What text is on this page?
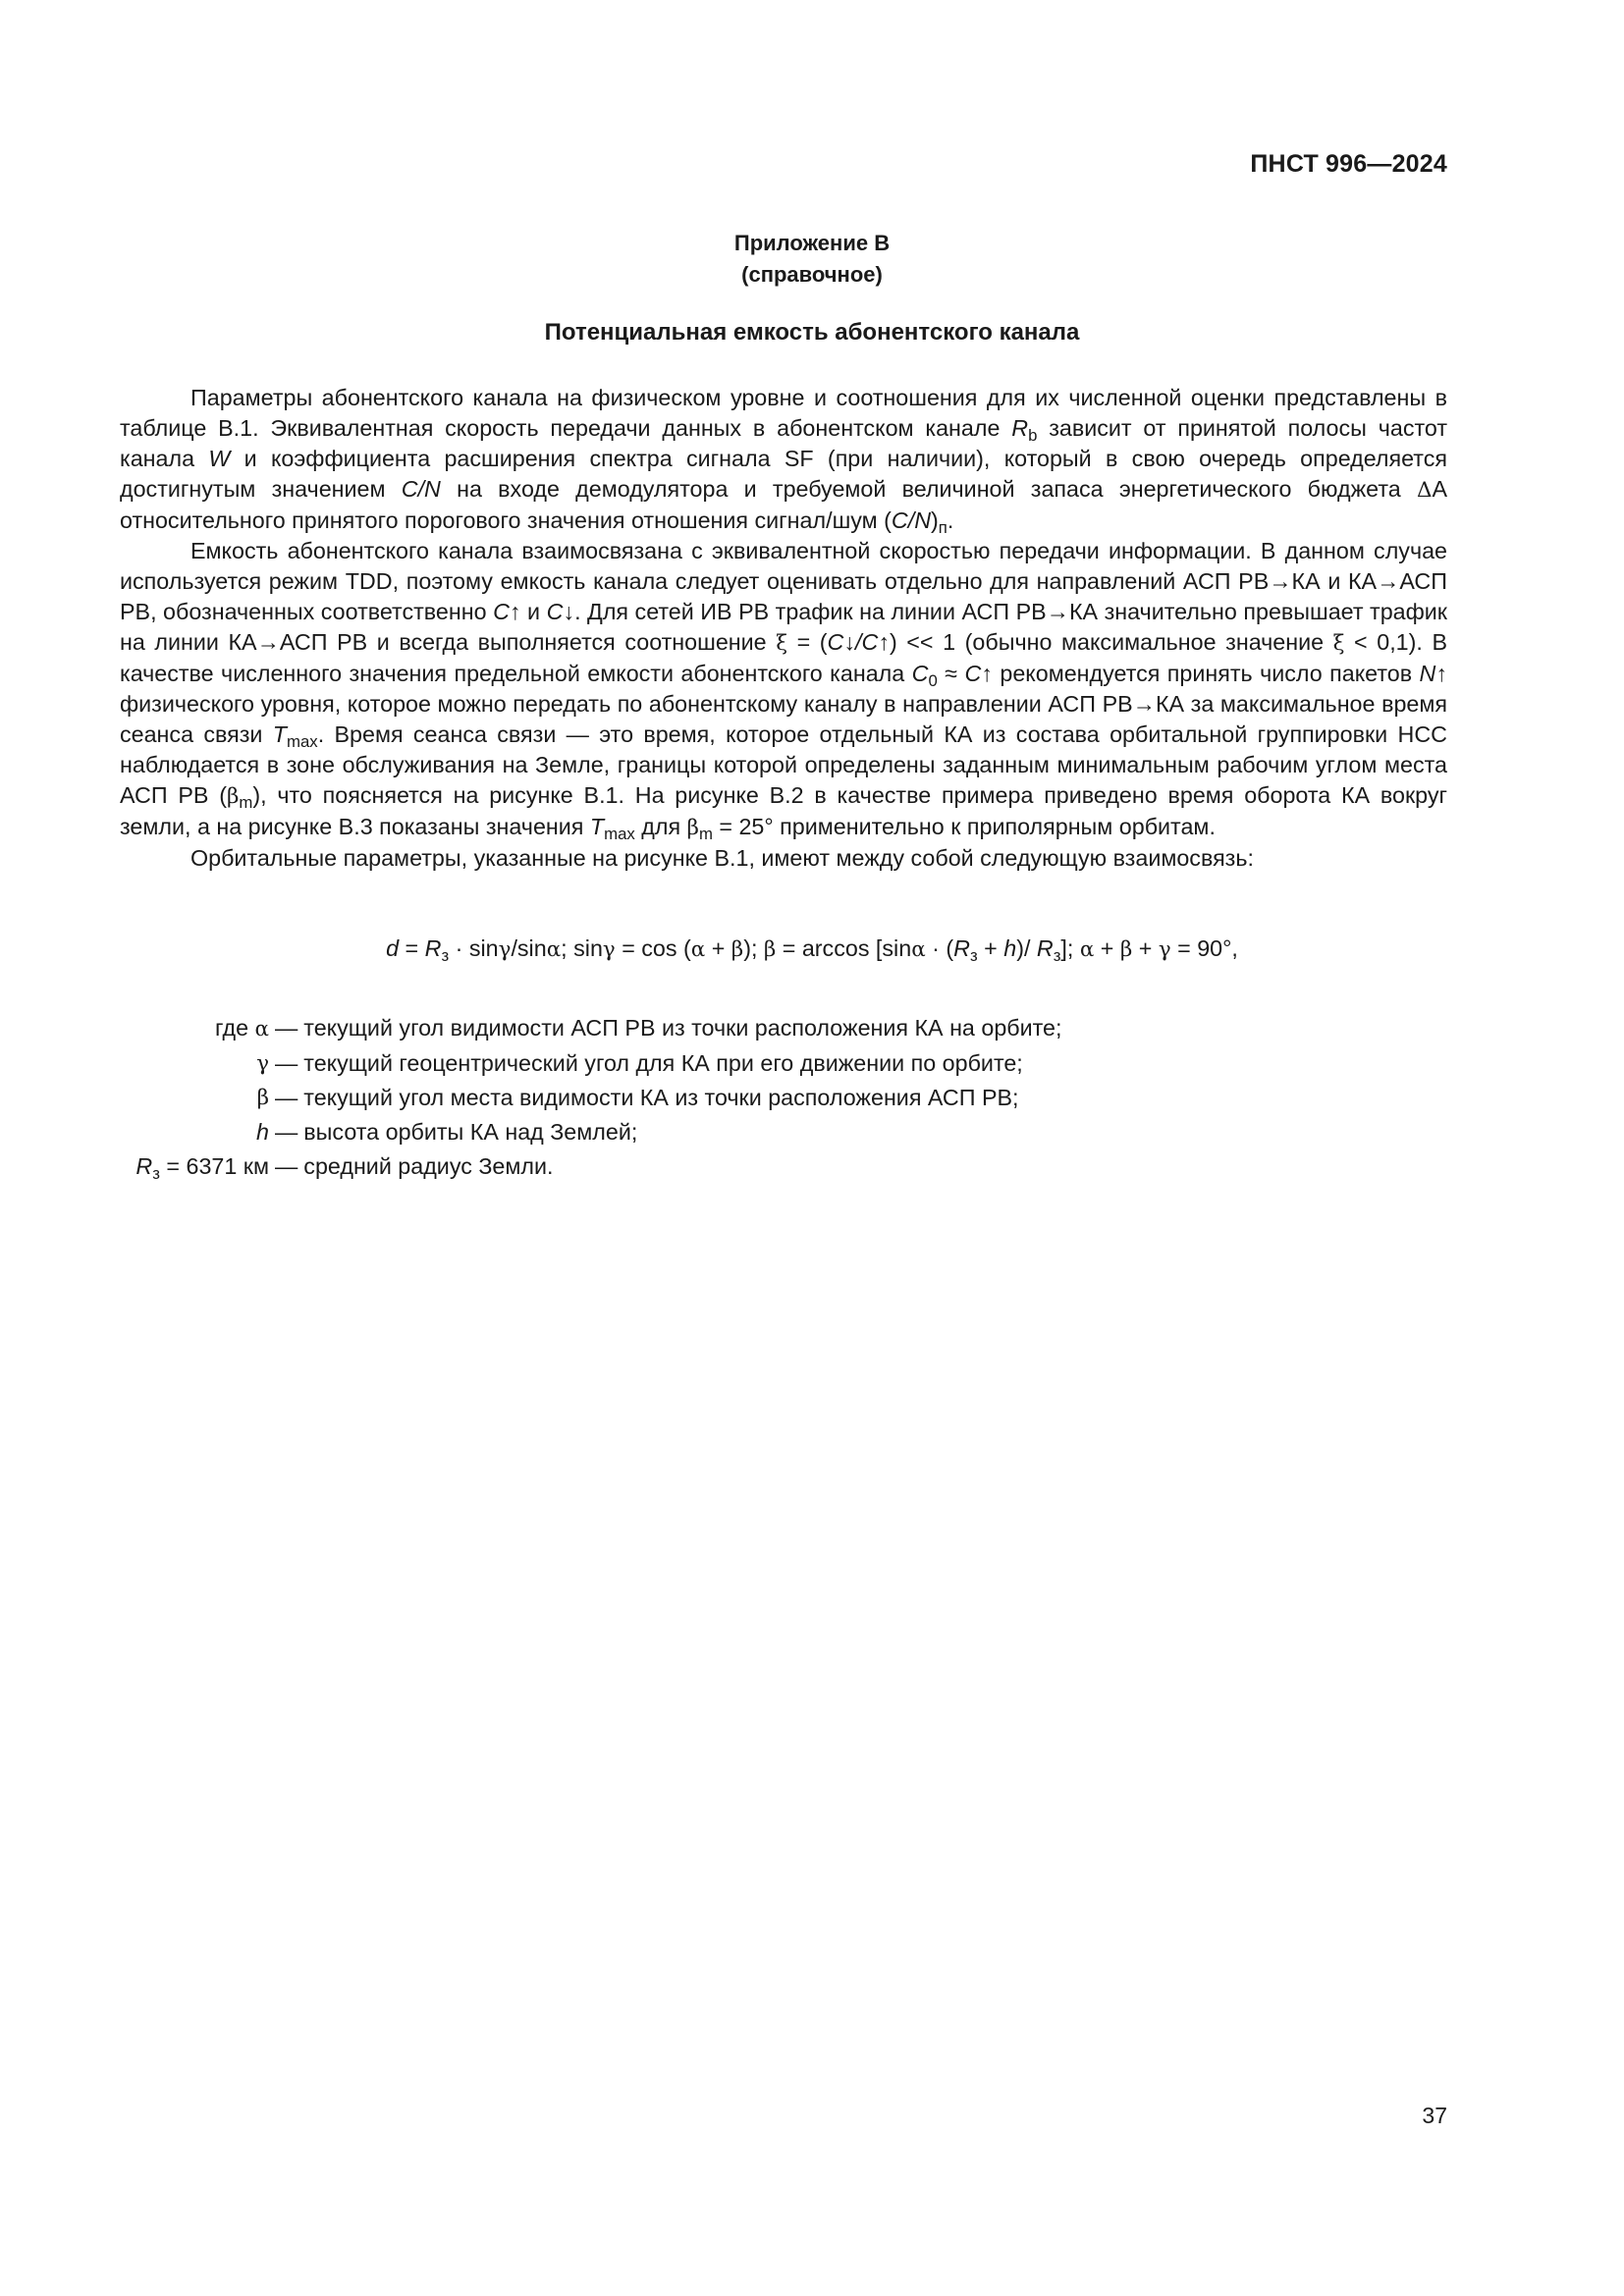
ПНСТ 996—2024
Приложение В
(справочное)
Потенциальная емкость абонентского канала

Параметры абонентского канала на физическом уровне и соотношения для их численной оценки представлены в таблице В.1. Эквивалентная скорость передачи данных в абонентском канале $R_b$ зависит от принятой полосы частот канала W и коэффициента расширения спектра сигнала SF (при наличии), который в свою очередь определяется достигнутым значением C/N на входе демодулятора и требуемой величиной запаса энергетического бюджета ΔА относительного принятого порогового значения отношения сигнал/шум $(C/N)_п$.

Емкость абонентского канала взаимосвязана с эквивалентной скоростью передачи информации. В данном случае используется режим TDD, поэтому емкость канала следует оценивать отдельно для направлений АСП РВ→КА и КА→АСП РВ, обозначенных соответственно C↑ и C↓. Для сетей ИВ РВ трафик на линии АСП РВ→КА значительно превышает трафик на линии КА→АСП РВ и всегда выполняется соотношение ξ = (C↓/C↑) << 1 (обычно максимальное значение ξ < 0,1). В качестве численного значения предельной емкости абонентского канала $C_0$ ≈ C↑ рекомендуется принять число пакетов N↑ физического уровня, которое можно передать по абонентскому каналу в направлении АСП РВ→КА за максимальное время сеанса связи $T_{max}$. Время сеанса связи — это время, которое отдельный КА из состава орбитальной группировки НСС наблюдается в зоне обслуживания на Земле, границы которой определены заданным минимальным рабочим углом места АСП РВ $(\beta_m)$, что поясняется на рисунке В.1. На рисунке В.2 в качестве примера приведено время оборота КА вокруг земли, а на рисунке В.3 показаны значения $T_{max}$ для $\beta_m = 25^\circ$ применительно к приполярным орбитам.

Орбитальные параметры, указанные на рисунке В.1, имеют между собой следующую взаимосвязь:

$d = R_з \cdot \sin\gamma/\sin\alpha$; sinγ = cos (α + β); $\beta = \arccos [\sin\alpha \cdot (R_з + h)/$ $R_з$]; α + β + γ = 90°,
где α — текущий угол видимости АСП РВ из точки расположения КА на орбите;
γ — текущий геоцентрический угол для КА при его движении по орбите;
β — текущий угол места видимости КА из точки расположения АСП РВ;
h — высота орбиты КА над Землей;
$R_з = 6371$ км — средний радиус Земли.
37
